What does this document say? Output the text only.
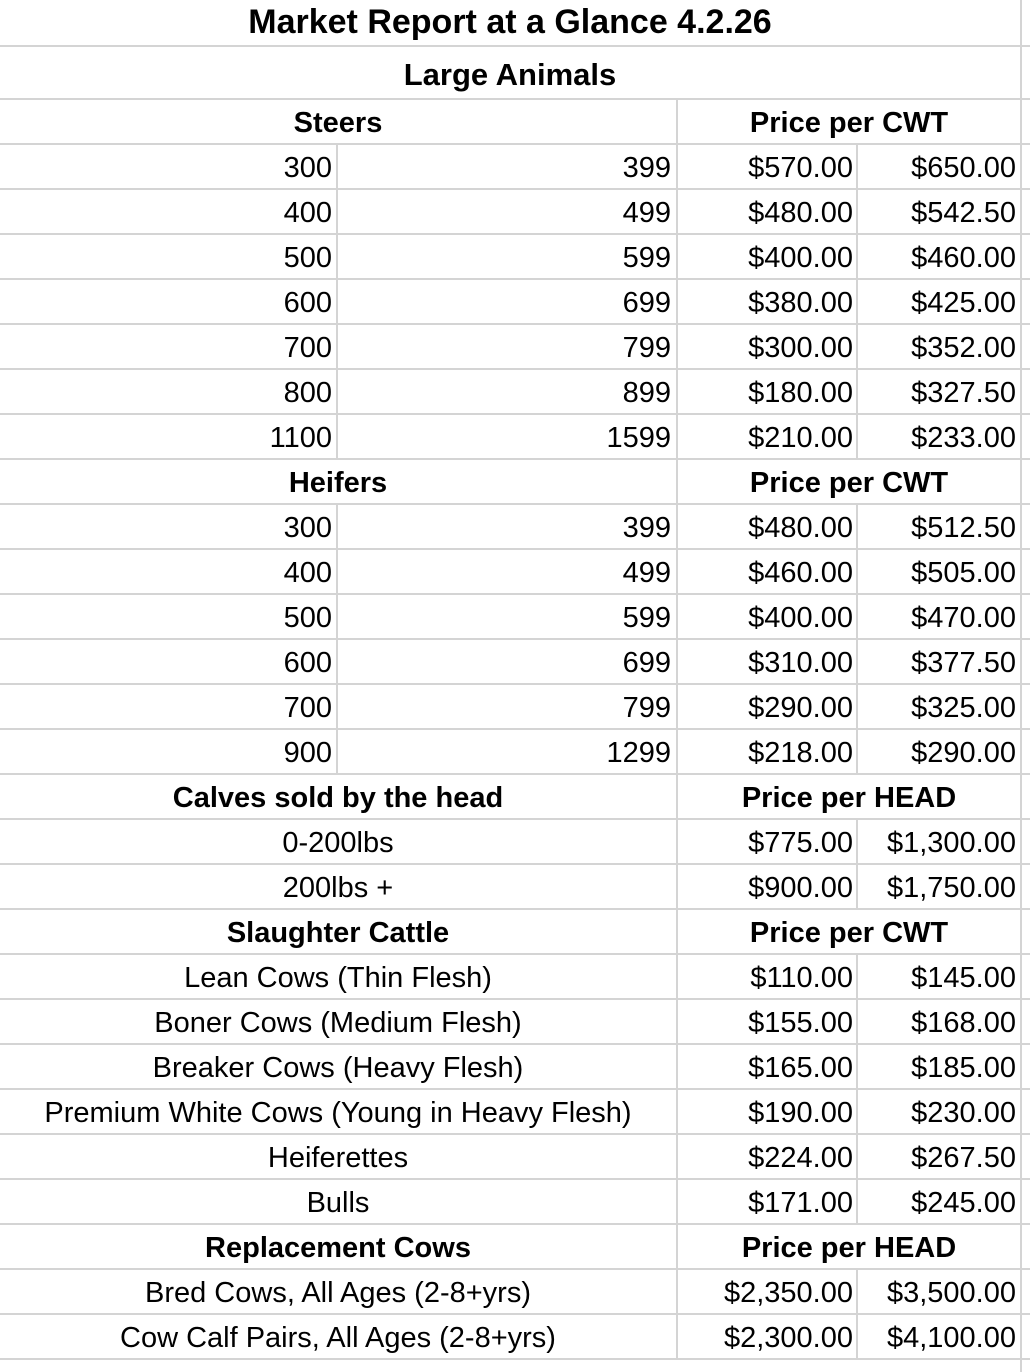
Market Report at a Glance 4.2.26
Large Animals
Steers	Price per CWT
300	399	$570.00	$650.00
400	499	$480.00	$542.50
500	599	$400.00	$460.00
600	699	$380.00	$425.00
700	799	$300.00	$352.00
800	899	$180.00	$327.50
1100	1599	$210.00	$233.00
Heifers	Price per CWT
300	399	$480.00	$512.50
400	499	$460.00	$505.00
500	599	$400.00	$470.00
600	699	$310.00	$377.50
700	799	$290.00	$325.00
900	1299	$218.00	$290.00
Calves sold by the head	Price per HEAD
0-200lbs	$775.00	$1,300.00
200lbs +	$900.00	$1,750.00
Slaughter Cattle	Price per CWT
Lean Cows (Thin Flesh)	$110.00	$145.00
Boner Cows (Medium Flesh)	$155.00	$168.00
Breaker Cows (Heavy Flesh)	$165.00	$185.00
Premium White Cows (Young in Heavy Flesh)	$190.00	$230.00
Heiferettes	$224.00	$267.50
Bulls	$171.00	$245.00
Replacement Cows	Price per HEAD
Bred Cows, All Ages (2-8+yrs)	$2,350.00	$3,500.00
Cow Calf Pairs, All Ages (2-8+yrs)	$2,300.00	$4,100.00
